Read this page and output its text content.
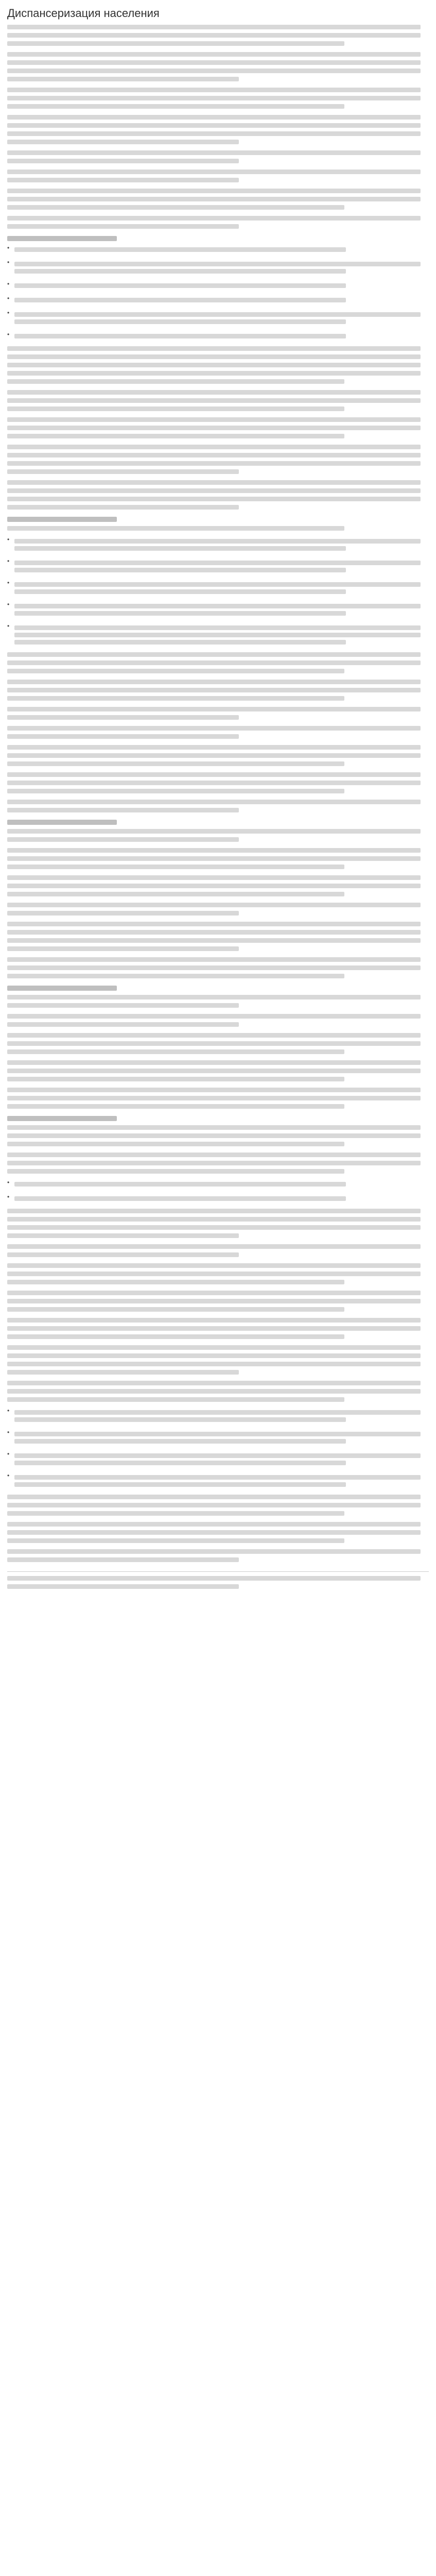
Диспансеризация населения
•
•
•
•
•
•
•
•
•
•
•
•
•
•
•
•
•
